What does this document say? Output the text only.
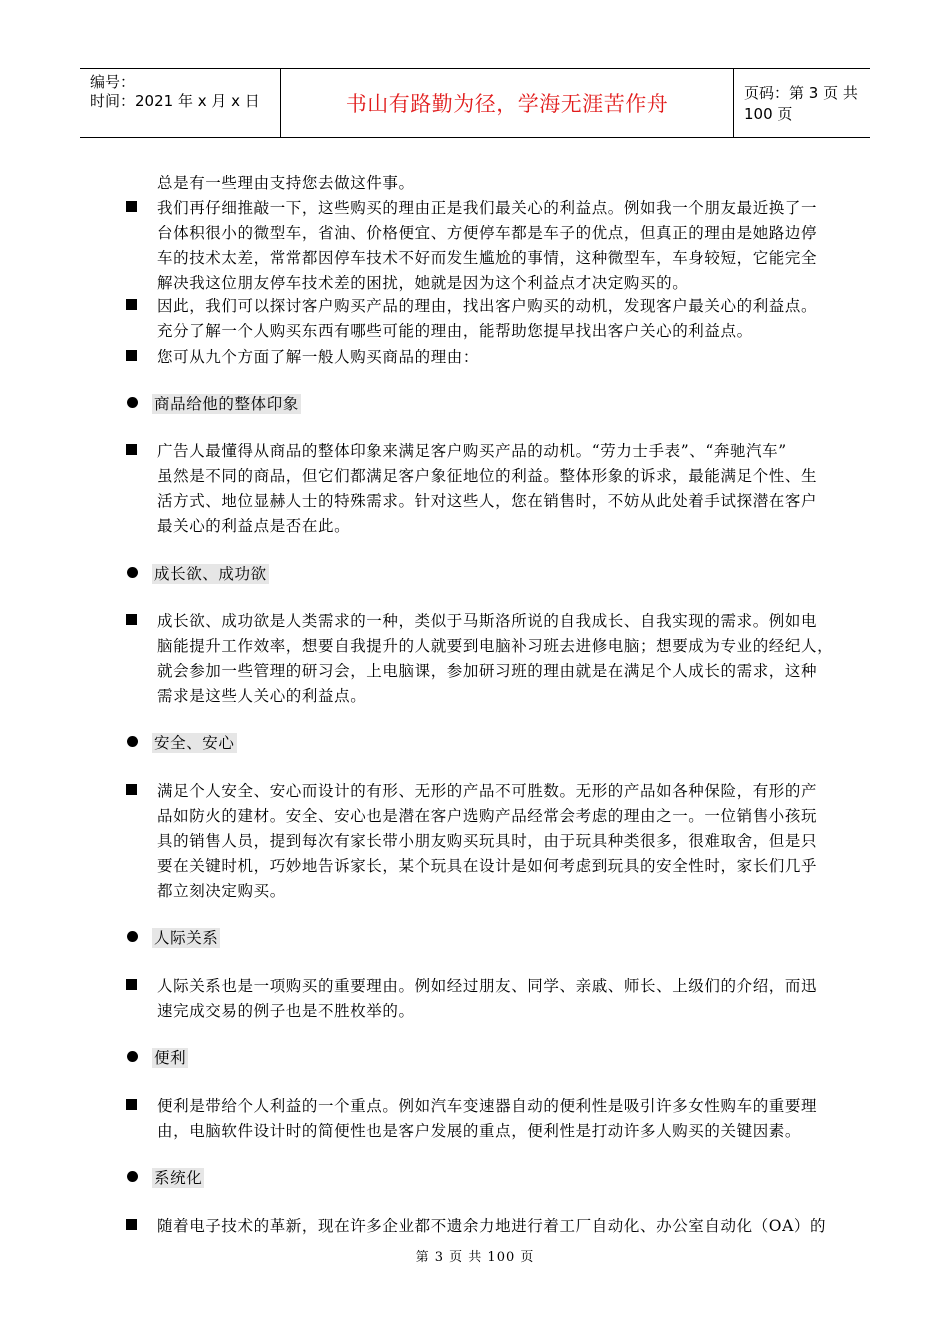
编号：
时间：2021 年 x 月 x 日	书山有路勤为径，学海无涯苦作舟	页码：第 3 页 共 100 页
总是有一些理由支持您去做这件事。
我们再仔细推敲一下，这些购买的理由正是我们最关心的利益点。例如我一个朋友最近换了一
台体积很小的微型车，省油、价格便宜、方便停车都是车子的优点，但真正的理由是她路边停
车的技术太差，常常都因停车技术不好而发生尴尬的事情，这种微型车，车身较短，它能完全
解决我这位朋友停车技术差的困扰，她就是因为这个利益点才决定购买的。
因此，我们可以探讨客户购买产品的理由，找出客户购买的动机，发现客户最关心的利益点。
充分了解一个人购买东西有哪些可能的理由，能帮助您提早找出客户关心的利益点。
您可从九个方面了解一般人购买商品的理由：
商品给他的整体印象
广告人最懂得从商品的整体印象来满足客户购买产品的动机。“劳力士手表”、“奔驰汽车”
虽然是不同的商品，但它们都满足客户象征地位的利益。整体形象的诉求，最能满足个性、生
活方式、地位显赫人士的特殊需求。针对这些人，您在销售时，不妨从此处着手试探潜在客户
最关心的利益点是否在此。
成长欲、成功欲
成长欲、成功欲是人类需求的一种，类似于马斯洛所说的自我成长、自我实现的需求。例如电
脑能提升工作效率，想要自我提升的人就要到电脑补习班去进修电脑；想要成为专业的经纪人，
就会参加一些管理的研习会，上电脑课，参加研习班的理由就是在满足个人成长的需求，这种
需求是这些人关心的利益点。
安全、安心
满足个人安全、安心而设计的有形、无形的产品不可胜数。无形的产品如各种保险，有形的产
品如防火的建材。安全、安心也是潜在客户选购产品经常会考虑的理由之一。一位销售小孩玩
具的销售人员，提到每次有家长带小朋友购买玩具时，由于玩具种类很多，很难取舍，但是只
要在关键时机，巧妙地告诉家长，某个玩具在设计是如何考虑到玩具的安全性时，家长们几乎
都立刻决定购买。
人际关系
人际关系也是一项购买的重要理由。例如经过朋友、同学、亲戚、师长、上级们的介绍，而迅
速完成交易的例子也是不胜枚举的。
便利
便利是带给个人利益的一个重点。例如汽车变速器自动的便利性是吸引许多女性购车的重要理
由，电脑软件设计时的简便性也是客户发展的重点，便利性是打动许多人购买的关键因素。
系统化
随着电子技术的革新，现在许多企业都不遗余力地进行着工厂自动化、办公室自动化（OA）的
第 3 页 共 100 页
